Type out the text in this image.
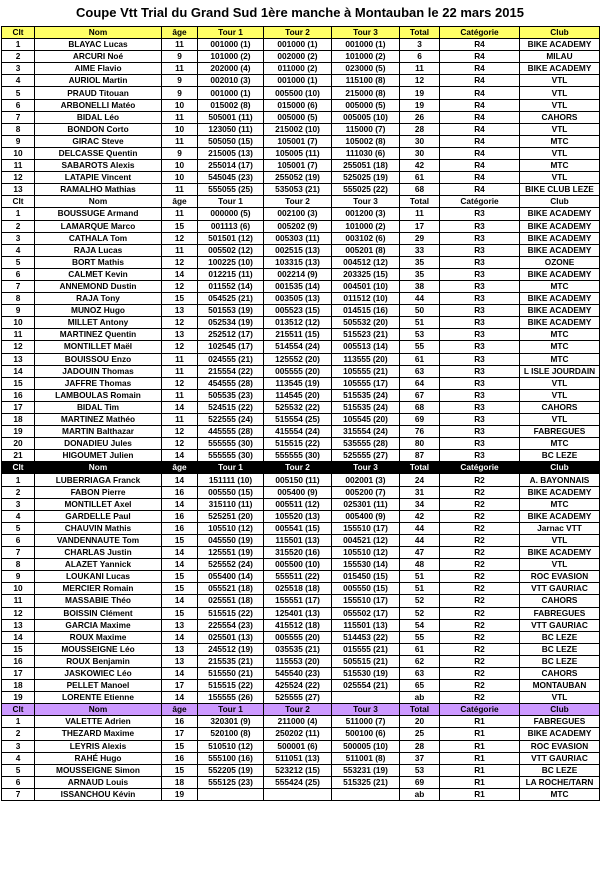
Coupe Vtt Trial du Grand Sud 1ère manche à Montauban le 22 mars 2015
Clt	Nom	âge	Tour 1	Tour 2	Tour 3	Total	Catégorie	Club
1	BLAYAC Lucas	11	001000 (1)	001000 (1)	001000 (1)	3	R4	BIKE ACADEMY
2	ARCURI Noé	9	101000 (2)	002000 (2)	101000 (2)	6	R4	MILAU
3	AIME Flavio	11	202000 (4)	011000 (2)	023000 (5)	11	R4	BIKE ACADEMY
4	AURIOL Martin	9	002010 (3)	001000 (1)	115100 (8)	12	R4	VTL
5	PRAUD Titouan	9	001000 (1)	005500 (10)	215000 (8)	19	R4	VTL
6	ARBONELLI Matéo	10	015002 (8)	015000 (6)	005000 (5)	19	R4	VTL
7	BIDAL Léo	11	505001 (11)	005000 (5)	005005 (10)	26	R4	CAHORS
8	BONDON Corto	10	123050 (11)	215002 (10)	115000 (7)	28	R4	VTL
9	GIRAC Steve	11	505050 (15)	105001 (7)	105002 (8)	30	R4	MTC
10	DELCASSE Quentin	9	215005 (13)	105005 (11)	111030 (6)	30	R4	VTL
11	SABAROTS Alexis	10	255014 (17)	105001 (7)	255051 (18)	42	R4	MTC
12	LATAPIE Vincent	10	545045 (23)	255052 (19)	525025 (19)	61	R4	VTL
13	RAMALHO Mathias	11	555055 (25)	535053 (21)	555025 (22)	68	R4	BIKE CLUB LEZE
Clt	Nom	âge	Tour 1	Tour 2	Tour 3	Total	Catégorie	Club
1	BOUSSUGE Armand	11	000000 (5)	002100 (3)	001200 (3)	11	R3	BIKE ACADEMY
2	LAMARQUE Marco	15	001113 (6)	005202 (9)	101000 (2)	17	R3	BIKE ACADEMY
3	CATHALA Tom	12	501501 (12)	005303 (11)	003102 (6)	29	R3	BIKE ACADEMY
4	RAJA Lucas	11	005502 (12)	002515 (13)	005201 (8)	33	R3	BIKE ACADEMY
5	BORT Mathis	12	100225 (10)	103315 (13)	004512 (12)	35	R3	OZONE
6	CALMET Kevin	14	012215 (11)	002214 (9)	203325 (15)	35	R3	BIKE ACADEMY
7	ANNEMOND Dustin	12	011552 (14)	001535 (14)	004501 (10)	38	R3	MTC
8	RAJA Tony	15	054525 (21)	003505 (13)	011512 (10)	44	R3	BIKE ACADEMY
9	MUNOZ Hugo	13	501553 (19)	005523 (15)	014515 (16)	50	R3	BIKE ACADEMY
10	MILLET Antony	12	052534 (19)	013512 (12)	505532 (20)	51	R3	BIKE ACADEMY
11	MARTINEZ Quentin	13	252512 (17)	215511 (15)	515523 (21)	53	R3	MTC
12	MONTILLET Maël	12	102545 (17)	514554 (24)	005513 (14)	55	R3	MTC
13	BOUISSOU Enzo	11	024555 (21)	125552 (20)	113555 (20)	61	R3	MTC
14	JADOUIN Thomas	11	215554 (22)	005555 (20)	105555 (21)	63	R3	L ISLE JOURDAIN
15	JAFFRE Thomas	12	454555 (28)	113545 (19)	105555 (17)	64	R3	VTL
16	LAMBOULAS Romain	11	505535 (23)	114545 (20)	515535 (24)	67	R3	VTL
17	BIDAL Tim	14	524515 (22)	525532 (22)	515535 (24)	68	R3	CAHORS
18	MARTINEZ Mathéo	11	522555 (24)	515554 (25)	105545 (20)	69	R3	VTL
19	MARTIN Balthazar	12	445555 (28)	415554 (24)	315554 (24)	76	R3	FABREGUES
20	DONADIEU Jules	12	555555 (30)	515515 (22)	535555 (28)	80	R3	MTC
21	HIGOUMET Julien	14	555555 (30)	555555 (30)	525555 (27)	87	R3	BC LEZE
Clt	Nom	âge	Tour 1	Tour 2	Tour 3	Total	Catégorie	Club
1	LUBERRIAGA Franck	14	151111 (10)	005150 (11)	002001 (3)	24	R2	A. BAYONNAIS
2	FABON Pierre	16	005550 (15)	005400 (9)	005200 (7)	31	R2	BIKE ACADEMY
3	MONTILLET Axel	14	315110 (11)	005511 (12)	025301 (11)	34	R2	MTC
4	GARDELLE Paul	16	525251 (20)	105520 (13)	005400 (9)	42	R2	BIKE ACADEMY
5	CHAUVIN Mathis	16	105510 (12)	005541 (15)	155510 (17)	44	R2	Jarnac VTT
6	VANDENNAUTE Tom	15	045550 (19)	115501 (13)	004521 (12)	44	R2	VTL
7	CHARLAS Justin	14	125551 (19)	315520 (16)	105510 (12)	47	R2	BIKE ACADEMY
8	ALAZET Yannick	14	525552 (24)	005500 (10)	155530 (14)	48	R2	VTL
9	LOUKANI Lucas	15	055400 (14)	555511 (22)	015450 (15)	51	R2	ROC EVASION
10	MERCIER Romain	15	055521 (18)	025518 (18)	005550 (15)	51	R2	VTT GAURIAC
11	MASSABIE Théo	14	025551 (18)	155551 (17)	155510 (17)	52	R2	CAHORS
12	BOISSIN Clément	15	515515 (22)	125401 (13)	055502 (17)	52	R2	FABREGUES
13	GARCIA Maxime	13	225554 (23)	415512 (18)	115501 (13)	54	R2	VTT GAURIAC
14	ROUX Maxime	14	025501 (13)	005555 (20)	514453 (22)	55	R2	BC LEZE
15	MOUSSEIGNE Léo	13	245512 (19)	035535 (21)	015555 (21)	61	R2	BC LEZE
16	ROUX Benjamin	13	215535 (21)	115553 (20)	505515 (21)	62	R2	BC LEZE
17	JASKOWIEC Léo	14	515550 (21)	545540 (23)	515530 (19)	63	R2	CAHORS
18	PELLET Manoel	17	515515 (22)	425524 (22)	025554 (21)	65	R2	MONTAUBAN
19	LORENTE Etienne	14	155555 (26)	525555 (27)		ab	R2	VTL
Clt	Nom	âge	Tour 1	Tour 2	Tour 3	Total	Catégorie	Club
1	VALETTE Adrien	16	320301 (9)	211000 (4)	511000 (7)	20	R1	FABREGUES
2	THEZARD Maxime	17	520100 (8)	250202 (11)	500100 (6)	25	R1	BIKE ACADEMY
3	LEYRIS Alexis	15	510510 (12)	500001 (6)	500005 (10)	28	R1	ROC EVASION
4	RAHÉ Hugo	16	555100 (16)	511051 (13)	511001 (8)	37	R1	VTT GAURIAC
5	MOUSSEIGNE Simon	15	552205 (19)	523212 (15)	553231 (19)	53	R1	BC LEZE
6	ARNAUD Louis	18	555125 (23)	555424 (25)	515325 (21)	69	R1	LA ROCHE/TARN
7	ISSANCHOU Kévin	19				ab	R1	MTC
